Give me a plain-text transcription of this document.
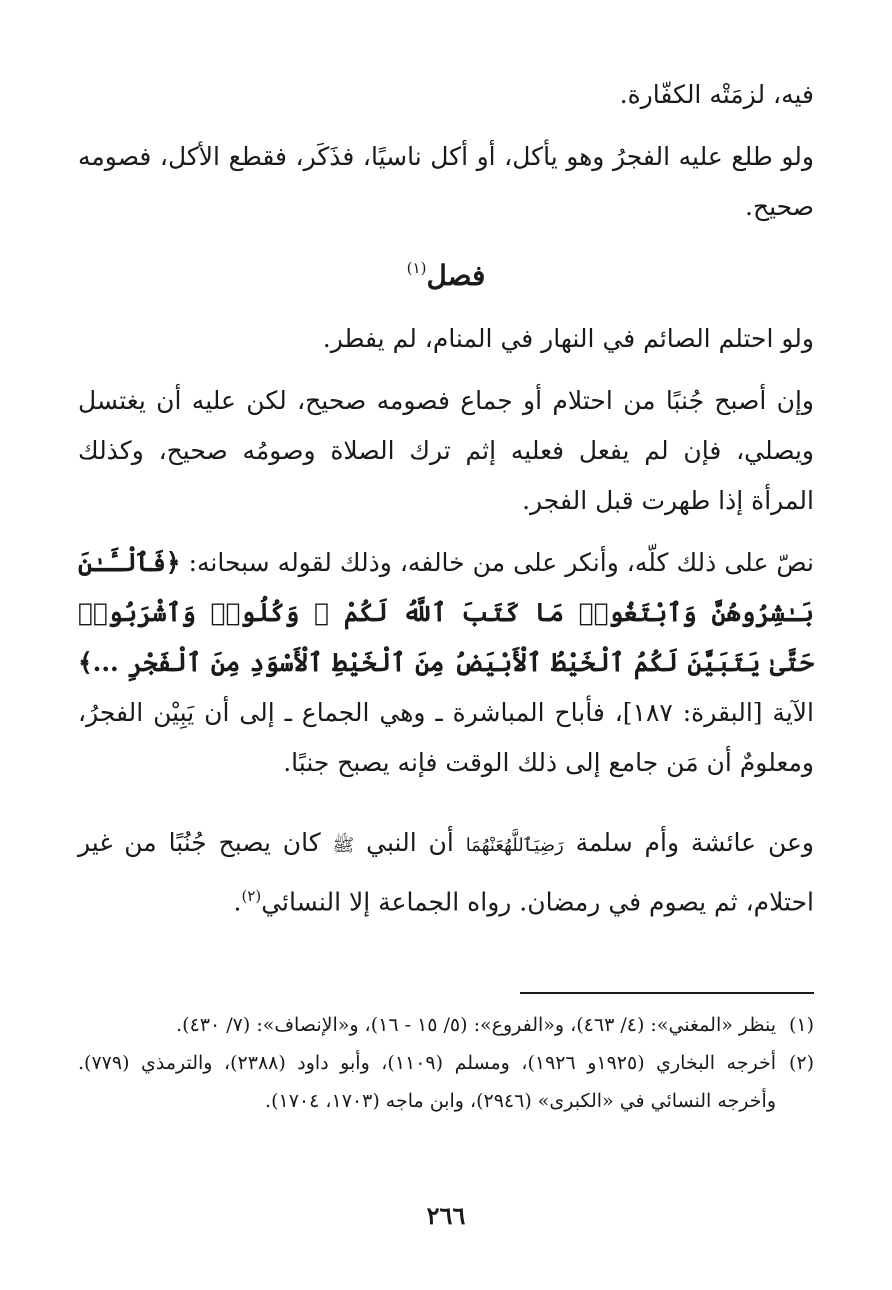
فيه، لزمَتْه الكفّارة.

ولو طلع عليه الفجرُ وهو يأكل، أو أكل ناسيًا، فذَكَر، فقطع الأكل، فصومه صحيح.

فصل$^{(١)}$

ولو احتلم الصائم في النهار في المنام، لم يفطر.

وإن أصبح جُنبًا من احتلام أو جماع فصومه صحيح، لكن عليه أن يغتسل ويصلي، فإن لم يفعل فعليه إثم ترك الصلاة وصومُه صحيح، وكذلك المرأة إذا طهرت قبل الفجر.

نصّ على ذلك كلّه، وأنكر على من خالفه، وذلك لقوله سبحانه: ﴿فَٱلْـَٔـٰنَ بَـٰشِرُوهُنَّ وَٱبْتَغُوا۟ مَا كَتَبَ ٱللَّهُ لَكُمْ ۚ وَكُلُوا۟ وَٱشْرَبُوا۟ حَتَّىٰ يَتَبَيَّنَ لَكُمُ ٱلْخَيْطُ ٱلْأَبْيَضُ مِنَ ٱلْخَيْطِ ٱلْأَسْوَدِ مِنَ ٱلْفَجْرِ ...﴾ الآية [البقرة: ١٨٧]، فأباح المباشرة ـ وهي الجماع ـ إلى أن يَبِيْن الفجرُ، ومعلومٌ أن مَن جامع إلى ذلك الوقت فإنه يصبح جنبًا.

وعن عائشة وأم سلمة رَضِيَٱللَّهُعَنْهُمَا أن النبي ﷺ كان يصبح جُنُبًا من غير احتلام، ثم يصوم في رمضان. رواه الجماعة إلا النسائي$^{(٢)}$.

(١)
ينظر «المغني»: (٤/ ٤٦٣)، و«الفروع»: (٥/ ١٥ - ١٦)، و«الإنصاف»: (٧/ ٤٣٠).
(٢)
أخرجه البخاري (١٩٢٥و ١٩٢٦)، ومسلم (١١٠٩)، وأبو داود (٢٣٨٨)، والترمذي (٧٧٩). وأخرجه النسائي في «الكبرى» (٢٩٤٦)، وابن ماجه (١٧٠٣، ١٧٠٤).
٢٦٦
